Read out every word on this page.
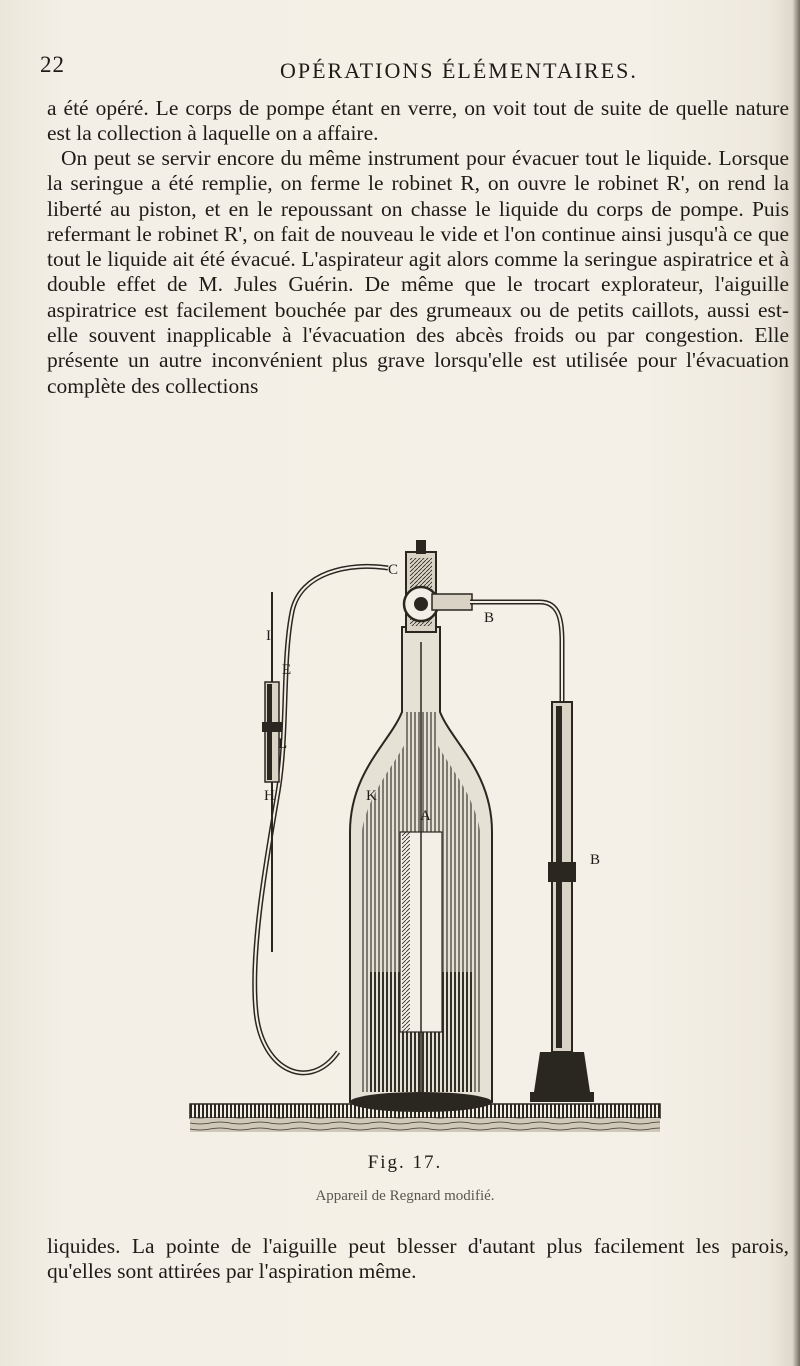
22	OPÉRATIONS ÉLÉMENTAIRES.
a été opéré. Le corps de pompe étant en verre, on voit tout de suite de quelle nature est la collection à laquelle on a affaire.
On peut se servir encore du même instrument pour évacuer tout le liquide. Lorsque la seringue a été remplie, on ferme le robinet R, on ouvre le robinet R', on rend la liberté au piston, et en le repoussant on chasse le liquide du corps de pompe. Puis refermant le robinet R', on fait de nouveau le vide et l'on continue ainsi jusqu'à ce que tout le liquide ait été évacué. L'aspirateur agit alors comme la seringue aspiratrice et à double effet de M. Jules Guérin. De même que le trocart explorateur, l'aiguille aspiratrice est facilement bouchée par des grumeaux ou de petits caillots, aussi est-elle souvent inapplicable à l'évacuation des abcès froids ou par congestion. Elle présente un autre inconvénient plus grave lorsqu'elle est utilisée pour l'évacuation complète des collections
C
B
I
E
L
K
A
H
B
Fig. 17.
Appareil de Regnard modifié.
liquides. La pointe de l'aiguille peut blesser d'autant plus facilement les parois, qu'elles sont attirées par l'aspiration même.
